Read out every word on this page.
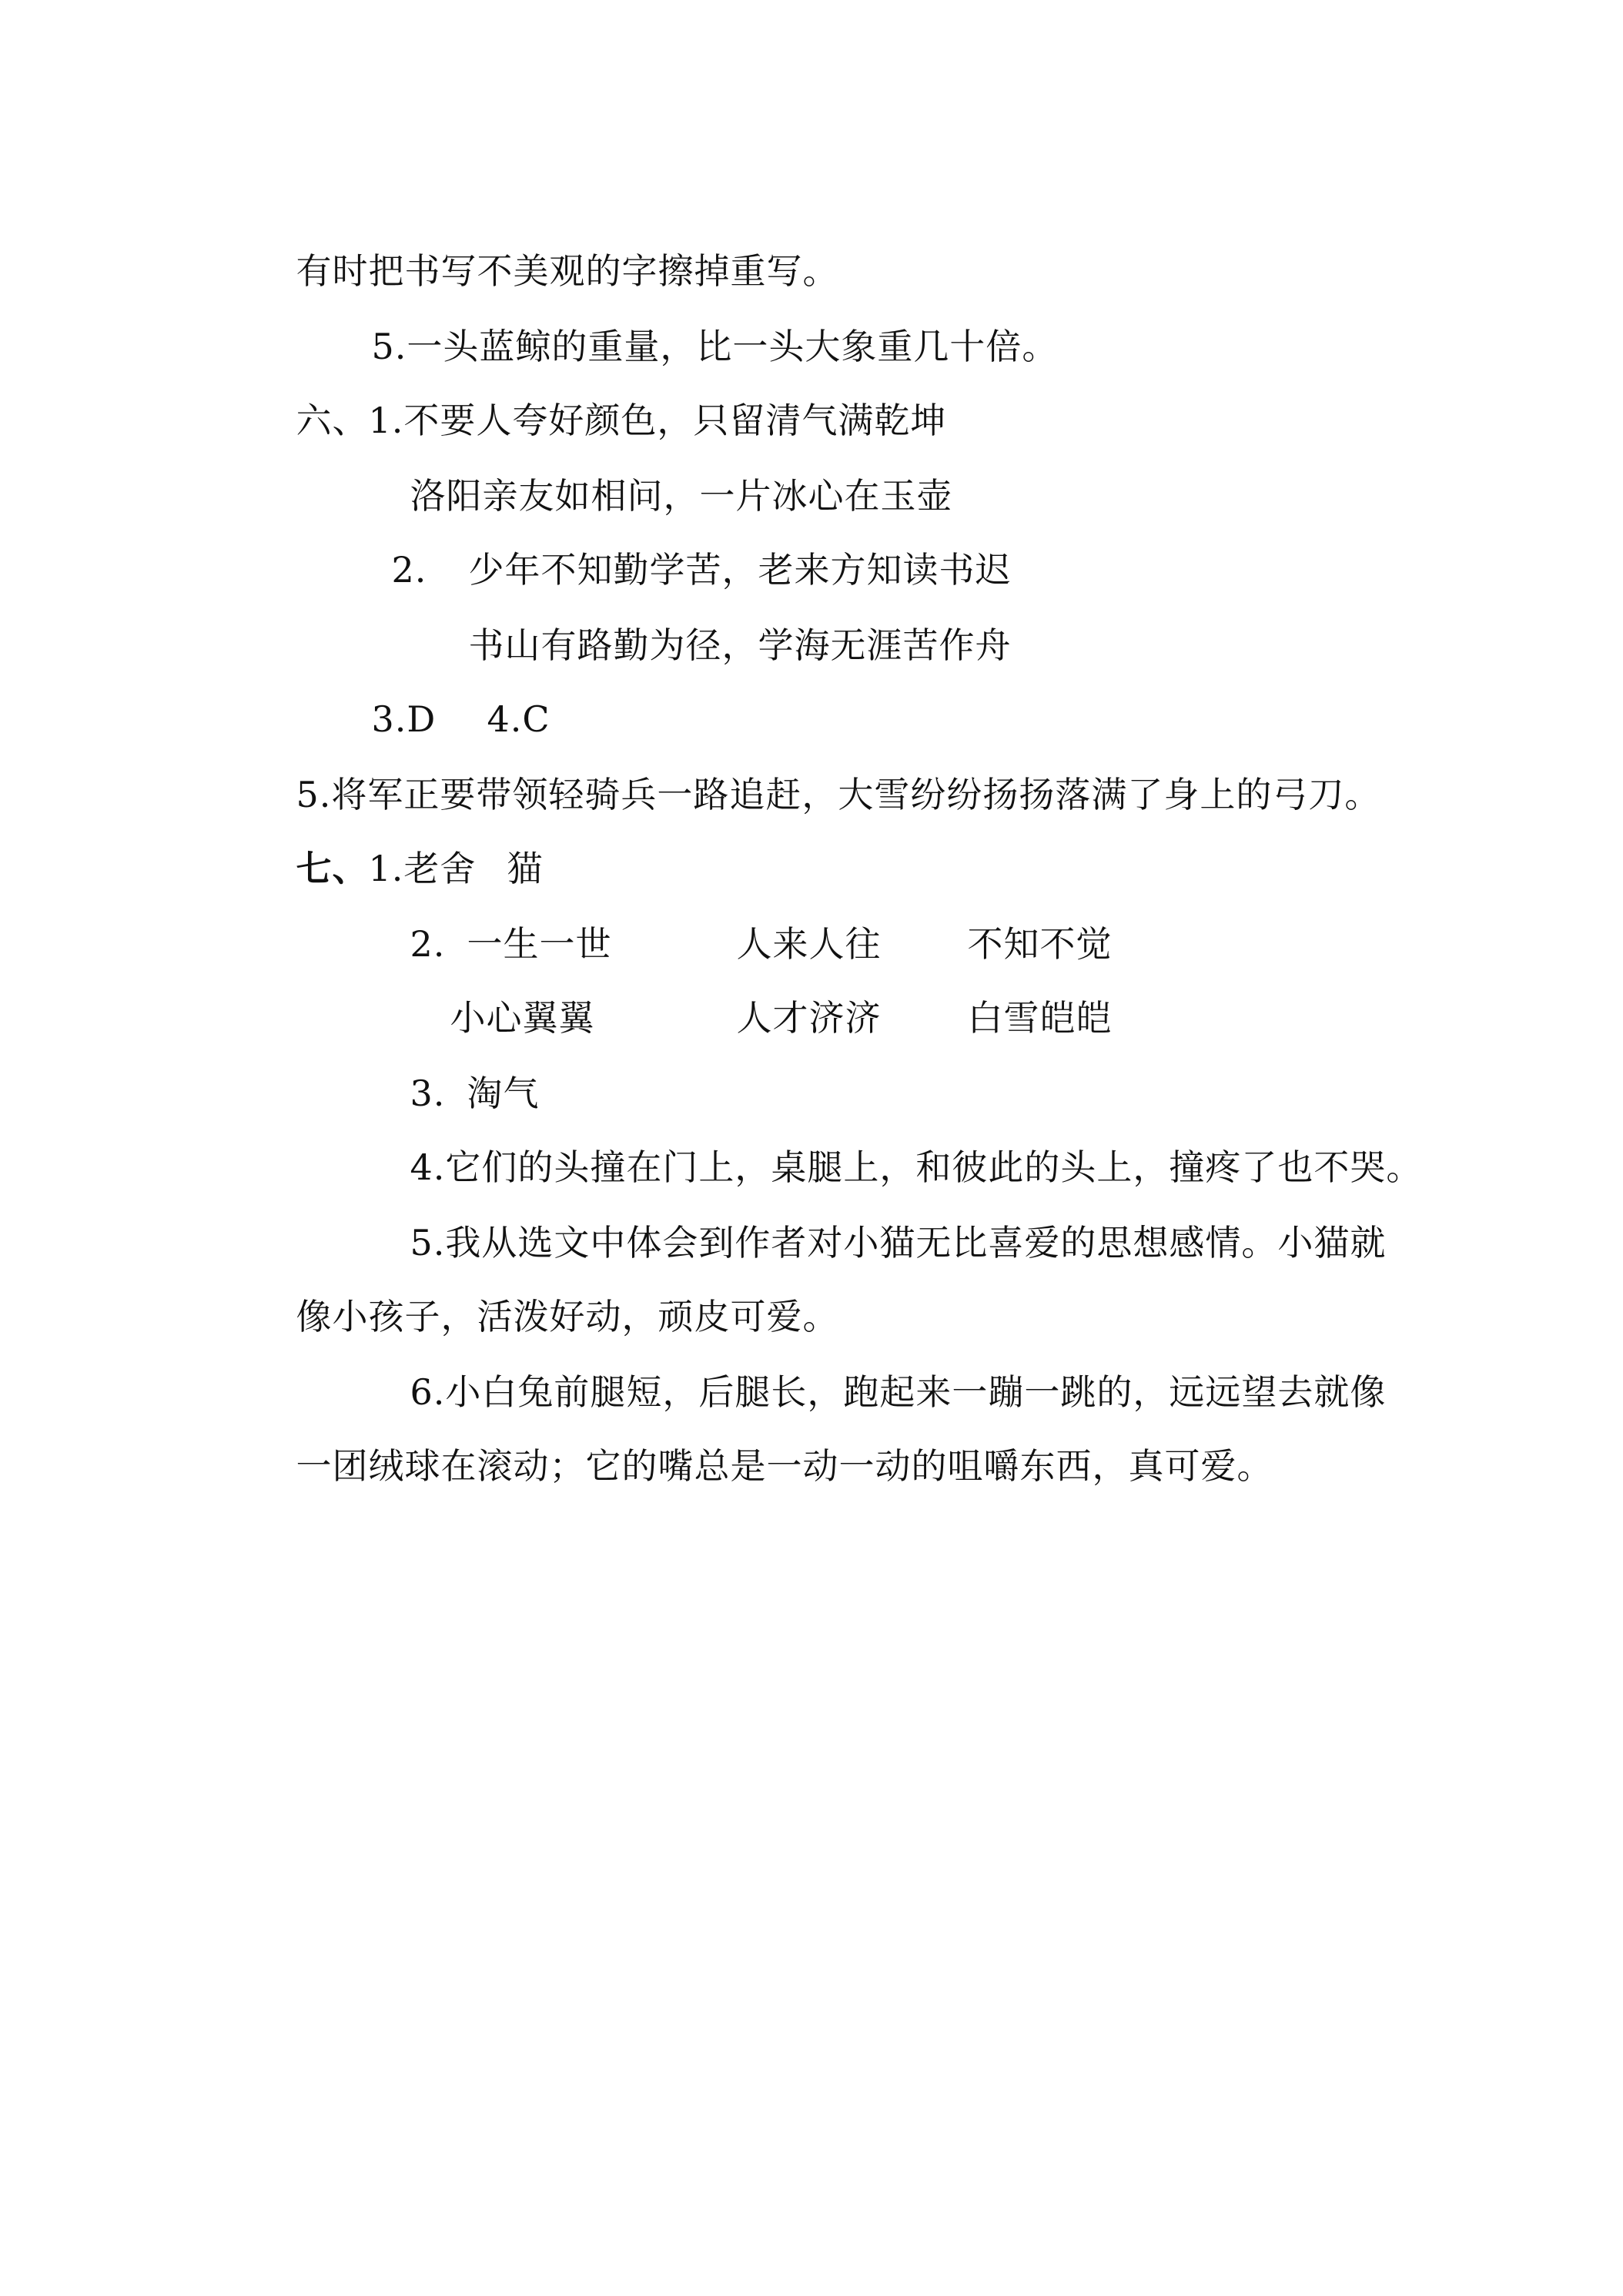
有时把书写不美观的字擦掉重写。

5.一头蓝鲸的重量，比一头大象重几十倍。

六、1.不要人夸好颜色，只留清气满乾坤

洛阳亲友如相问，一片冰心在玉壶

2. 少年不知勤学苦，老来方知读书迟

书山有路勤为径，学海无涯苦作舟

3.D 4.C

5.将军正要带领轻骑兵一路追赶，大雪纷纷扬扬落满了身上的弓刀。

七、1.老舍 猫

2. 一生一世	人来人往 不知不觉

小心翼翼	人才济济 白雪皑皑

3. 淘气

4.它们的头撞在门上，桌腿上，和彼此的头上，撞疼了也不哭。

5.我从选文中体会到作者对小猫无比喜爱的思想感情。小猫就

像小孩子，活泼好动，顽皮可爱。

6.小白兔前腿短，后腿长，跑起来一蹦一跳的，远远望去就像

一团绒球在滚动；它的嘴总是一动一动的咀嚼东西，真可爱。
